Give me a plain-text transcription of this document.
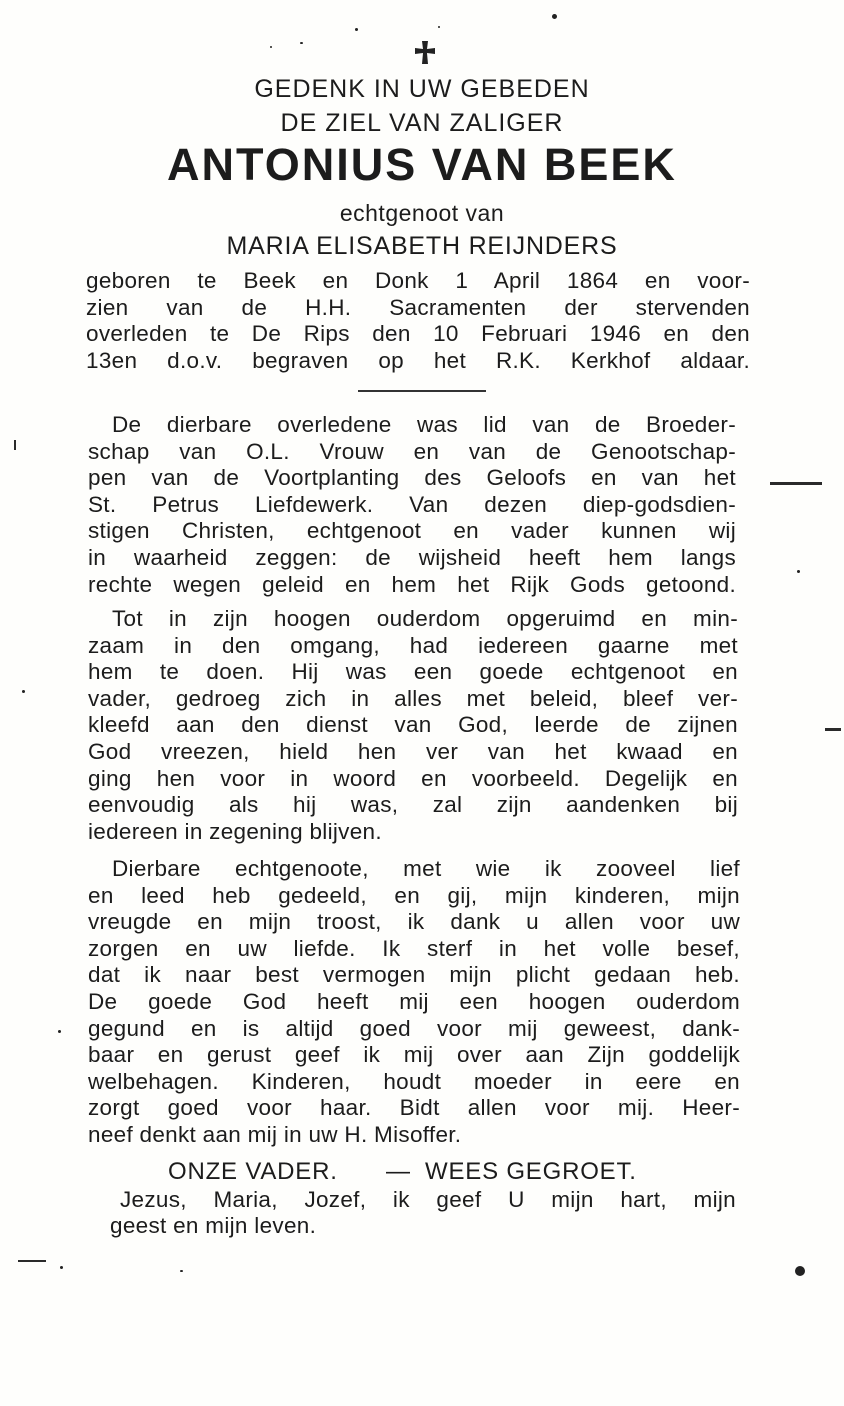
GEDENK IN UW GEBEDEN
DE ZIEL VAN ZALIGER
ANTONIUS VAN BEEK
echtgenoot van
MARIA ELISABETH REIJNDERS
geboren te Beek en Donk 1 April 1864 en voor-
zien van de H.H. Sacramenten der stervenden
overleden te De Rips den 10 Februari 1946 en den
13en d.o.v. begraven op het R.K. Kerkhof aldaar.
De dierbare overledene was lid van de Broeder-
schap van O.L. Vrouw en van de Genootschap-
pen van de Voortplanting des Geloofs en van het
St. Petrus Liefdewerk. Van dezen diep-godsdien-
stigen Christen, echtgenoot en vader kunnen wij
in waarheid zeggen: de wijsheid heeft hem langs
rechte wegen geleid en hem het Rijk Gods getoond.
Tot in zijn hoogen ouderdom opgeruimd en min-
zaam in den omgang, had iedereen gaarne met
hem te doen. Hij was een goede echtgenoot en
vader, gedroeg zich in alles met beleid, bleef ver-
kleefd aan den dienst van God, leerde de zijnen
God vreezen, hield hen ver van het kwaad en
ging hen voor in woord en voorbeeld. Degelijk en
eenvoudig als hij was, zal zijn aandenken bij
iedereen in zegening blijven.
Dierbare echtgenoote, met wie ik zooveel lief
en leed heb gedeeld, en gij, mijn kinderen, mijn
vreugde en mijn troost, ik dank u allen voor uw
zorgen en uw liefde. Ik sterf in het volle besef,
dat ik naar best vermogen mijn plicht gedaan heb.
De goede God heeft mij een hoogen ouderdom
gegund en is altijd goed voor mij geweest, dank-
baar en gerust geef ik mij over aan Zijn goddelijk
welbehagen. Kinderen, houdt moeder in eere en
zorgt goed voor haar. Bidt allen voor mij. Heer-
neef denkt aan mij in uw H. Misoffer.
ONZE VADER. — WEES GEGROET.
Jezus, Maria, Jozef, ik geef U mijn hart, mijn
geest en mijn leven.
